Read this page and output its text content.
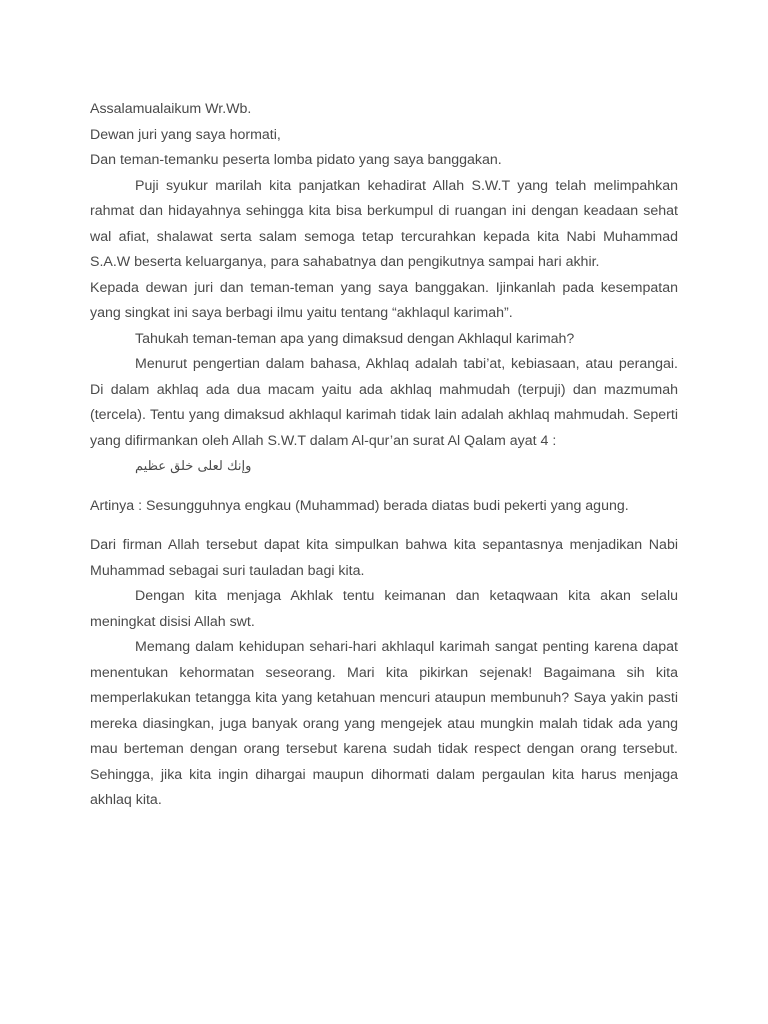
Assalamualaikum Wr.Wb.
Dewan juri yang saya hormati,
Dan teman-temanku peserta lomba pidato yang saya banggakan.

Puji syukur marilah kita panjatkan kehadirat Allah S.W.T yang telah melimpahkan rahmat dan hidayahnya sehingga kita bisa berkumpul di ruangan ini dengan keadaan sehat wal afiat, shalawat serta salam semoga tetap tercurahkan kepada kita Nabi Muhammad S.A.W beserta keluarganya, para sahabatnya dan pengikutnya sampai hari akhir.

Kepada dewan juri dan teman-teman yang saya banggakan. Ijinkanlah pada kesempatan yang singkat ini saya berbagi ilmu yaitu tentang “akhlaqul karimah”.

Tahukah teman-teman apa yang dimaksud dengan Akhlaqul karimah?

Menurut pengertian dalam bahasa, Akhlaq adalah tabi’at, kebiasaan, atau perangai. Di dalam akhlaq ada dua macam yaitu ada akhlaq mahmudah (terpuji) dan mazmumah (tercela). Tentu yang dimaksud akhlaqul karimah tidak lain adalah akhlaq mahmudah. Seperti yang difirmankan oleh Allah S.W.T dalam Al-qur’an surat Al Qalam ayat 4 :

وإنك لعلى خلق عظيم

Artinya : Sesungguhnya engkau (Muhammad) berada diatas budi pekerti yang agung.

Dari firman Allah tersebut dapat kita simpulkan bahwa kita sepantasnya menjadikan Nabi Muhammad sebagai suri tauladan bagi kita.

Dengan kita menjaga Akhlak tentu keimanan dan ketaqwaan kita akan selalu meningkat disisi Allah swt.

Memang dalam kehidupan sehari-hari akhlaqul karimah sangat penting karena dapat menentukan kehormatan seseorang. Mari kita pikirkan sejenak! Bagaimana sih kita memperlakukan tetangga kita yang ketahuan mencuri ataupun membunuh? Saya yakin pasti mereka diasingkan, juga banyak orang yang mengejek atau mungkin malah tidak ada yang mau berteman dengan orang tersebut karena sudah tidak respect dengan orang tersebut. Sehingga, jika kita ingin dihargai maupun dihormati dalam pergaulan kita harus menjaga akhlaq kita.
